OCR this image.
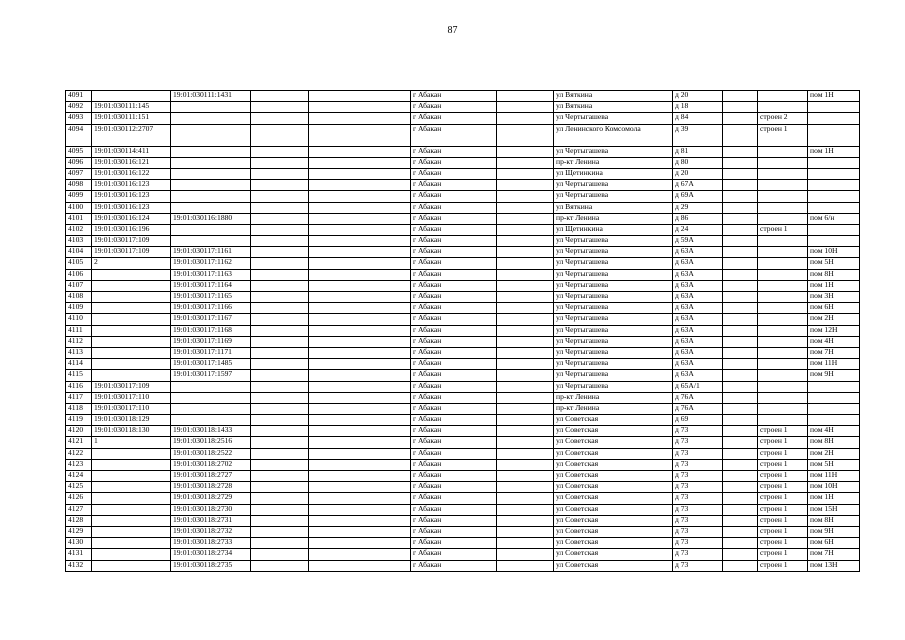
87
4091		19:01:030111:1431			г Абакан		ул Вяткина	д 20			пом 1Н
4092	19:01:030111:145				г Абакан		ул Вяткина	д 18			
4093	19:01:030111:151				г Абакан		ул Чертыгашева	д 84		строен 2	
4094	19:01:030112:2707				г Абакан		ул Ленинского Комсомола	д 39		строен 1	
4095	19:01:030114:411				г Абакан		ул Чертыгашева	д 81			пом 1Н
4096	19:01:030116:121				г Абакан		пр-кт Ленина	д 80			
4097	19:01:030116:122				г Абакан		ул Щетинкина	д 20			
4098	19:01:030116:123				г Абакан		ул Чертыгашева	д 67А			
4099	19:01:030116:123				г Абакан		ул Чертыгашева	д 69А			
4100	19:01:030116:123				г Абакан		ул Вяткина	д 29			
4101	19:01:030116:124	19:01:030116:1880			г Абакан		пр-кт Ленина	д 86			пом 6/н
4102	19:01:030116:196				г Абакан		ул Щетинкина	д 24		строен 1	
4103	19:01:030117:109				г Абакан		ул Чертыгашева	д 59А			
4104	19:01:030117:109	19:01:030117:1161			г Абакан		ул Чертыгашева	д 63А			пом 10Н
4105	2	19:01:030117:1162			г Абакан		ул Чертыгашева	д 63А			пом 5Н
4106		19:01:030117:1163			г Абакан		ул Чертыгашева	д 63А			пом 8Н
4107		19:01:030117:1164			г Абакан		ул Чертыгашева	д 63А			пом 1Н
4108		19:01:030117:1165			г Абакан		ул Чертыгашева	д 63А			пом 3Н
4109		19:01:030117:1166			г Абакан		ул Чертыгашева	д 63А			пом 6Н
4110		19:01:030117:1167			г Абакан		ул Чертыгашева	д 63А			пом 2Н
4111		19:01:030117:1168			г Абакан		ул Чертыгашева	д 63А			пом 12Н
4112		19:01:030117:1169			г Абакан		ул Чертыгашева	д 63А			пом 4Н
4113		19:01:030117:1171			г Абакан		ул Чертыгашева	д 63А			пом 7Н
4114		19:01:030117:1485			г Абакан		ул Чертыгашева	д 63А			пом 11Н
4115		19:01:030117:1597			г Абакан		ул Чертыгашева	д 63А			пом 9Н
4116	19:01:030117:109				г Абакан		ул Чертыгашева	д 65А/1			
4117	19:01:030117:110				г Абакан		пр-кт Ленина	д 76А			
4118	19:01:030117:110				г Абакан		пр-кт Ленина	д 76А			
4119	19:01:030118:129				г Абакан		ул Советская	д 69			
4120	19:01:030118:130	19:01:030118:1433			г Абакан		ул Советская	д 73		строен 1	пом 4Н
4121	1	19:01:030118:2516			г Абакан		ул Советская	д 73		строен 1	пом 8Н
4122		19:01:030118:2522			г Абакан		ул Советская	д 73		строен 1	пом 2Н
4123		19:01:030118:2702			г Абакан		ул Советская	д 73		строен 1	пом 5Н
4124		19:01:030118:2727			г Абакан		ул Советская	д 73		строен 1	пом 11Н
4125		19:01:030118:2728			г Абакан		ул Советская	д 73		строен 1	пом 10Н
4126		19:01:030118:2729			г Абакан		ул Советская	д 73		строен 1	пом 1Н
4127		19:01:030118:2730			г Абакан		ул Советская	д 73		строен 1	пом 15Н
4128		19:01:030118:2731			г Абакан		ул Советская	д 73		строен 1	пом 8Н
4129		19:01:030118:2732			г Абакан		ул Советская	д 73		строен 1	пом 9Н
4130		19:01:030118:2733			г Абакан		ул Советская	д 73		строен 1	пом 6Н
4131		19:01:030118:2734			г Абакан		ул Советская	д 73		строен 1	пом 7Н
4132		19:01:030118:2735			г Абакан		ул Советская	д 73		строен 1	пом 13Н
